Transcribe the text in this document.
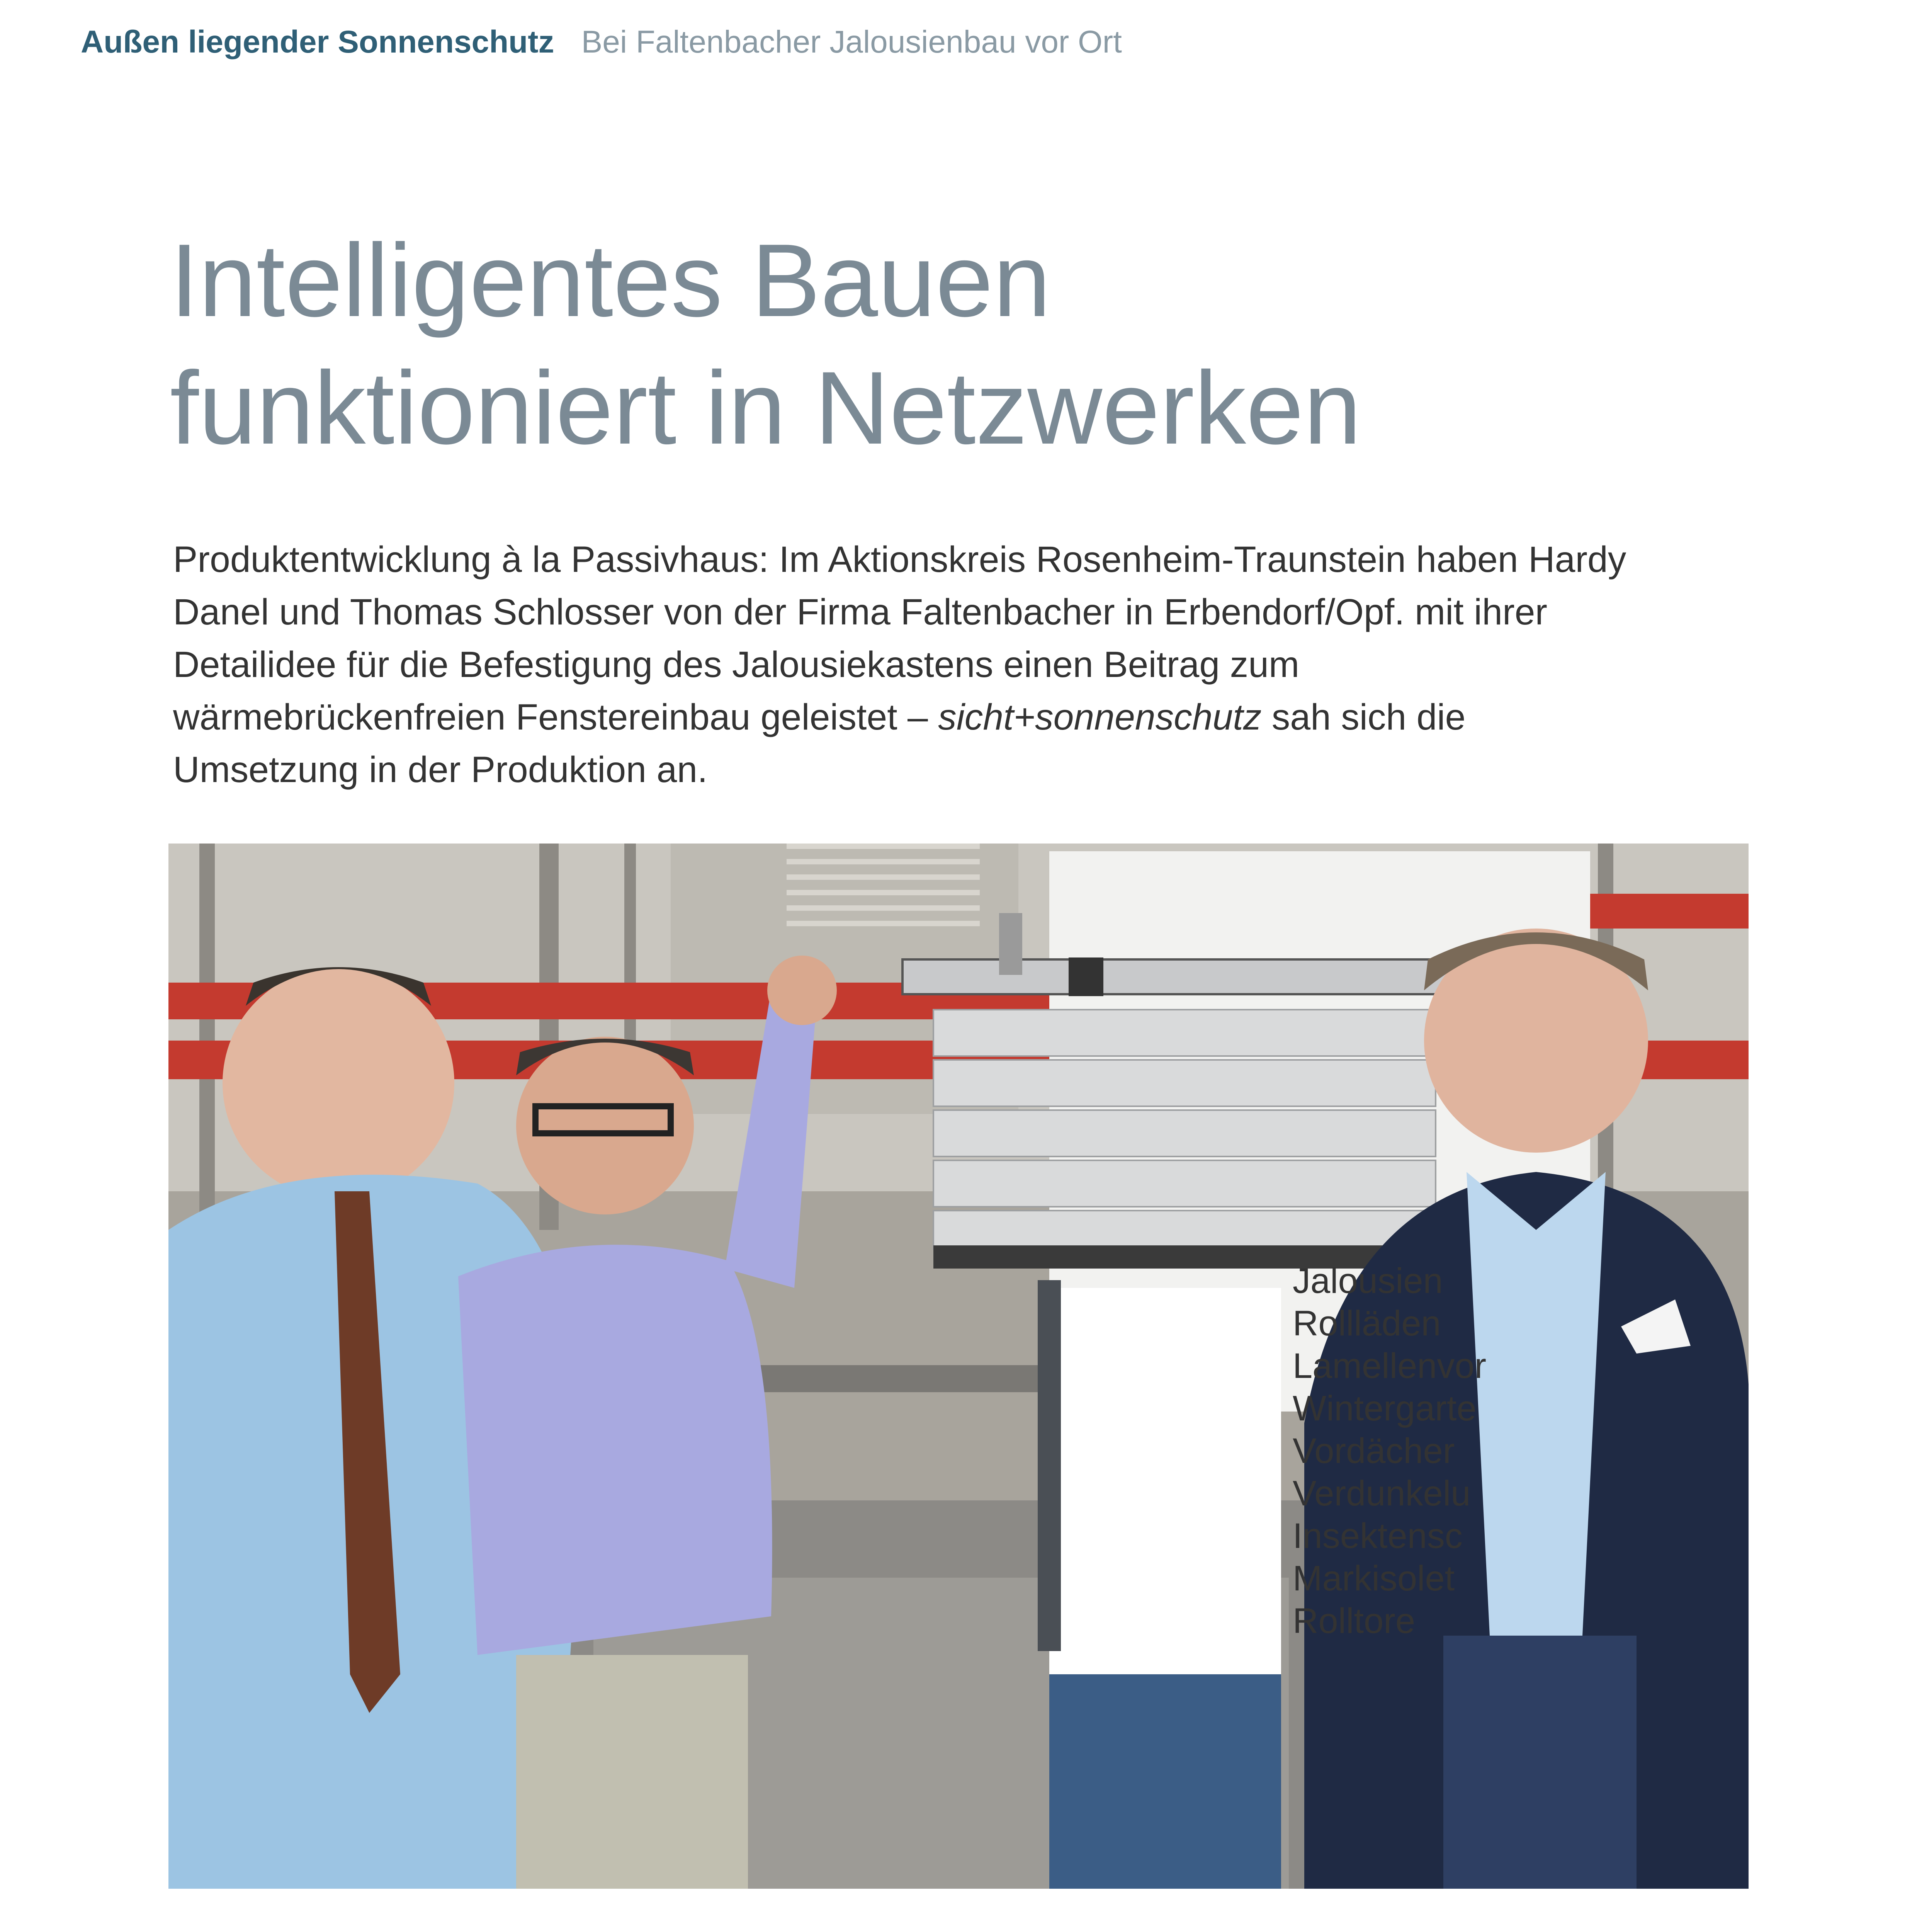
Außen liegender Sonnenschutz Bei Faltenbacher Jalousienbau vor Ort
Intelligentes Bauen
funktioniert in Netzwerken

Produktentwicklung à la Passivhaus: Im Aktionskreis Rosenheim-Traunstein haben Hardy Danel und Thomas Schlosser von der Firma Faltenbacher in Erbendorf/Opf. mit ihrer Detailidee für die Befestigung des Jalousiekastens einen Beitrag zum wärmebrückenfreien Fenstereinbau geleistet – sicht+sonnenschutz sah sich die Umsetzung in der Produktion an.

Jalousien
Rollläden
Lamellenvor
Wintergarte
Vordächer
Verdunkelu
Insektensc
Markisolet
Rolltore
